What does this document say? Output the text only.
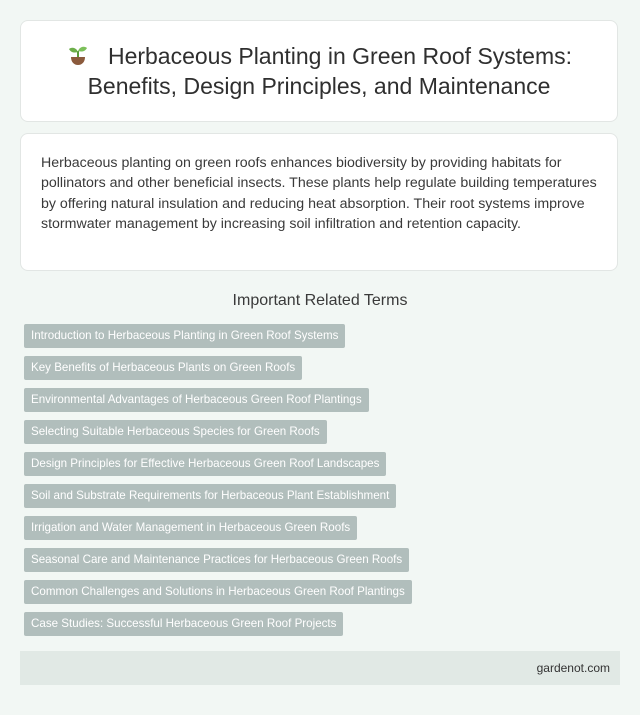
Herbaceous Planting in Green Roof Systems: Benefits, Design Principles, and Maintenance

Herbaceous planting on green roofs enhances biodiversity by providing habitats for pollinators and other beneficial insects. These plants help regulate building temperatures by offering natural insulation and reducing heat absorption. Their root systems improve stormwater management by increasing soil infiltration and retention capacity.

Important Related Terms
Introduction to Herbaceous Planting in Green Roof Systems
Key Benefits of Herbaceous Plants on Green Roofs
Environmental Advantages of Herbaceous Green Roof Plantings
Selecting Suitable Herbaceous Species for Green Roofs
Design Principles for Effective Herbaceous Green Roof Landscapes
Soil and Substrate Requirements for Herbaceous Plant Establishment
Irrigation and Water Management in Herbaceous Green Roofs
Seasonal Care and Maintenance Practices for Herbaceous Green Roofs
Common Challenges and Solutions in Herbaceous Green Roof Plantings
Case Studies: Successful Herbaceous Green Roof Projects
gardenot.com
